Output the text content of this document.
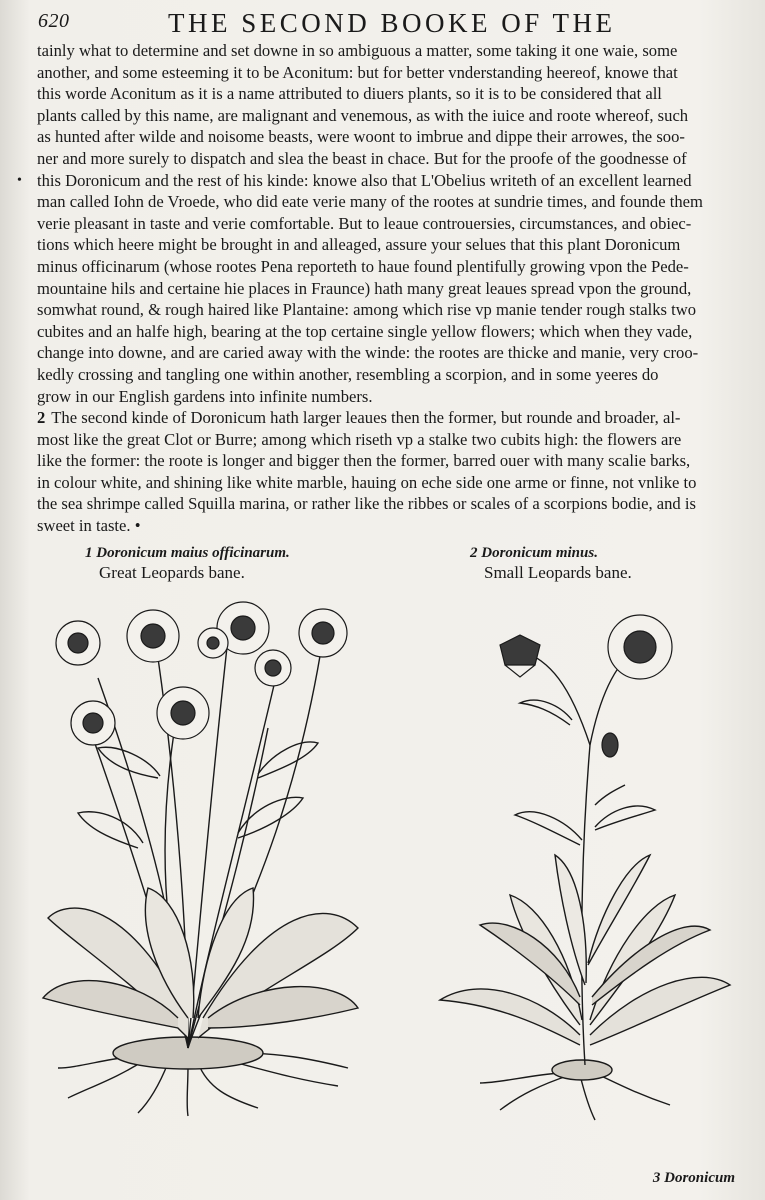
620	THE SECOND BOOKE OF THE

tainly what to determine and set downe in so ambiguous a matter, some taking it one waie, some

another, and some esteeming it to be Aconitum: but for better vnderstanding heereof, knowe that

this worde Aconitum as it is a name attributed to diuers plants, so it is to be considered that all

plants called by this name, are malignant and venemous, as with the iuice and roote whereof, such

as hunted after wilde and noisome beasts, were woont to imbrue and dippe their arrowes, the soo-

ner and more surely to dispatch and slea the beast in chace. But for the proofe of the goodnesse of

• this Doronicum and the rest of his kinde: knowe also that L'Obelius writeth of an excellent learned

man called Iohn de Vroede, who did eate verie many of the rootes at sundrie times, and founde them

verie pleasant in taste and verie comfortable. But to leaue controuersies, circumstances, and obiec-

tions which heere might be brought in and alleaged, assure your selues that this plant Doronicum

minus officinarum (whose rootes Pena reporteth to haue found plentifully growing vpon the Pede-

mountaine hils and certaine hie places in Fraunce) hath many great leaues spread vpon the ground,

somwhat round, & rough haired like Plantaine: among which rise vp manie tender rough stalks two

cubites and an halfe high, bearing at the top certaine single yellow flowers; which when they vade,

change into downe, and are caried away with the winde: the rootes are thicke and manie, very croo-

kedly crossing and tangling one within another, resembling a scorpion, and in some yeeres do

grow in our English gardens into infinite numbers.

2 The second kinde of Doronicum hath larger leaues then the former, but rounde and broader, al-

most like the great Clot or Burre; among which riseth vp a stalke two cubits high: the flowers are

like the former: the roote is longer and bigger then the former, barred ouer with many scalie barks,

in colour white, and shining like white marble, hauing on eche side one arme or finne, not vnlike to

the sea shrimpe called Squilla marina, or rather like the ribbes or scales of a scorpions bodie, and is

sweet in taste. •

1 Doronicum maius officinarum.
Great Leopards bane.
2 Doronicum minus.
Small Leopards bane.
3 Doronicum
